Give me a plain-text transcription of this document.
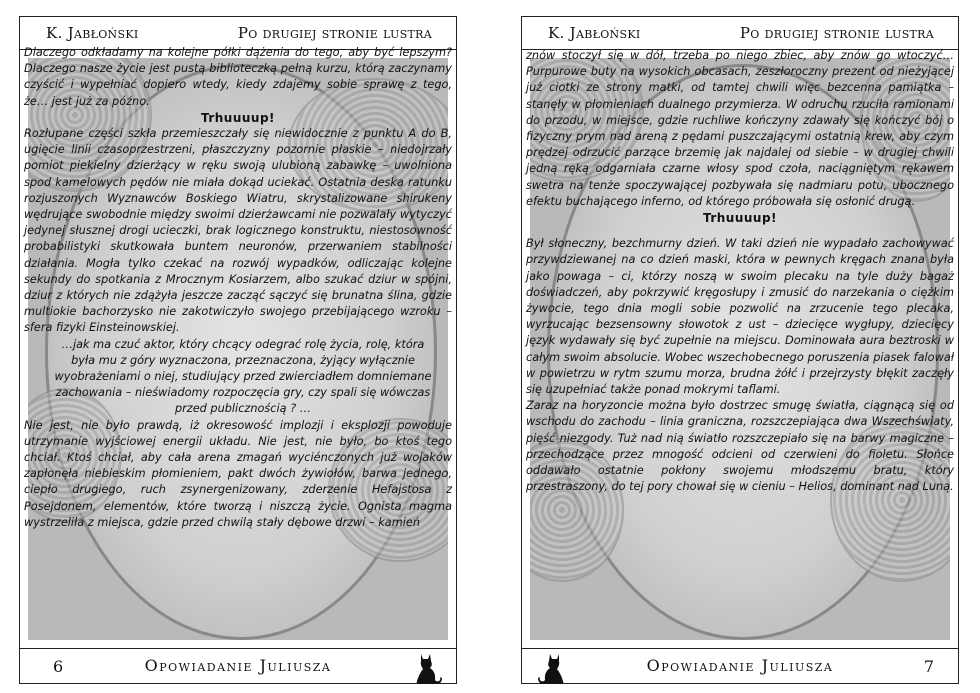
K. Jabłoński	Po drugiej stronie lustra

Dlaczego odkładamy na kolejne półki dążenia do tego, aby być lepszym? Dlaczego nasze życie jest pustą biblioteczką pełną kurzu, którą zaczynamy czyścić i wypełniać dopiero wtedy, kiedy zdajemy sobie sprawę z tego, że… jest już za późno.

Trhuuuup!

Rozłupane części szkła przemieszczały się niewidocznie z punktu A do B, ugięcie linii czasoprzestrzeni, płaszczyzny pozornie płaskie – niedojrzały pomiot piekielny dzierżący w ręku swoją ulubioną zabawkę – uwolniona spod kamelowych pędów nie miała dokąd uciekać. Ostatnia deska ratunku rozjuszonych Wyznawców Boskiego Wiatru, skrystalizowane shirukeny wędrujące swobodnie między swoimi dzierżawcami nie pozwalały wytyczyć jedynej słusznej drogi ucieczki, brak logicznego konstruktu, niestosowność probabilistyki skutkowała buntem neuronów, przerwaniem stabilności działania. Mogła tylko czekać na rozwój wypadków, odliczając kolejne sekundy do spotkania z Mrocznym Kosiarzem, albo szukać dziur w spójni, dziur z których nie zdążyła jeszcze zacząć sączyć się brunatna ślina, gdzie multiokie bachorzysko nie zakotwiczyło swojego przebijającego wzroku – sfera fizyki Einsteinowskiej.

…jak ma czuć aktor, który chcący odegrać rolę życia, rolę, która była mu z góry wyznaczona, przeznaczona, żyjący wyłącznie wyobrażeniami o niej, studiujący przed zwierciadłem domniemane zachowania – nieświadomy rozpoczęcia gry, czy spali się wówczas przed publicznością ? …

Nie jest, nie było prawdą, iż okresowość implozji i eksplozji powoduje utrzymanie wyjściowej energii układu. Nie jest, nie było, bo ktoś tego chciał. Ktoś chciał, aby cała arena zmagań wyciénczonych już wojaków zapłonęła niebieskim płomieniem, pakt dwóch żywiołów, barwa jednego, ciepło drugiego, ruch zsynergenizowany, zderzenie Hefajstosa z Posejdonem, elementów, które tworzą i niszczą życie. Ognista magma wystrzeliła z miejsca, gdzie przed chwilą stały dębowe drzwi – kamień

6	Opowiadanie Juliusza
K. Jabłoński	Po drugiej stronie lustra

znów stoczył się w dół, trzeba po niego zbiec, aby znów go wtoczyć… Purpurowe buty na wysokich obcasach, zeszłoroczny prezent od nieżyjącej już ciotki ze strony matki, od tamtej chwili więc bezcenna pamiątka – stanęły w płomieniach dualnego przymierza. W odruchu rzuciła ramionami do przodu, w miejsce, gdzie ruchliwe kończyny zdawały się kończyć bój o fizyczny prym nad areną z pędami puszczającymi ostatnią krew, aby czym prędzej odrzucić parzące brzemię jak najdalej od siebie – w drugiej chwili jedną ręką odgarniała czarne włosy spod czoła, naciągniętym rękawem swetra na tenże spoczywającej pozbywała się nadmiaru potu, ubocznego efektu buchającego inferno, od którego próbowała się osłonić drugą.

Trhuuuup!

Był słoneczny, bezchmurny dzień. W taki dzień nie wypadało zachowywać przywdziewanej na co dzień maski, która w pewnych kręgach znana była jako powaga – ci, którzy noszą w swoim plecaku na tyle duży bagaż doświadczeń, aby pokrzywić kręgosłupy i zmusić do narzekania o ciężkim żywocie, tego dnia mogli sobie pozwolić na zrzucenie tego plecaka, wyrzucając bezsensowny słowotok z ust – dziecięce wygłupy, dziecięcy język wydawały się być zupełnie na miejscu. Dominowała aura beztroski w całym swoim absolucie. Wobec wszechobecnego poruszenia piasek falował w powietrzu w rytm szumu morza, brudna żółć i przejrzysty błękit zaczęły się uzupełniać także ponad mokrymi taflami.

Zaraz na horyzoncie można było dostrzec smugę światła, ciągnącą się od wschodu do zachodu – linia graniczna, rozszczepiająca dwa Wszechświaty, pięść niezgody. Tuż nad nią światło rozszczepiało się na barwy magiczne – przechodzące przez mnogość odcieni od czerwieni do fioletu. Słońce oddawało ostatnie pokłony swojemu młodszemu bratu, który przestraszony, do tej pory chował się w cieniu – Helios, dominant nad Luną.

Opowiadanie Juliusza	7
